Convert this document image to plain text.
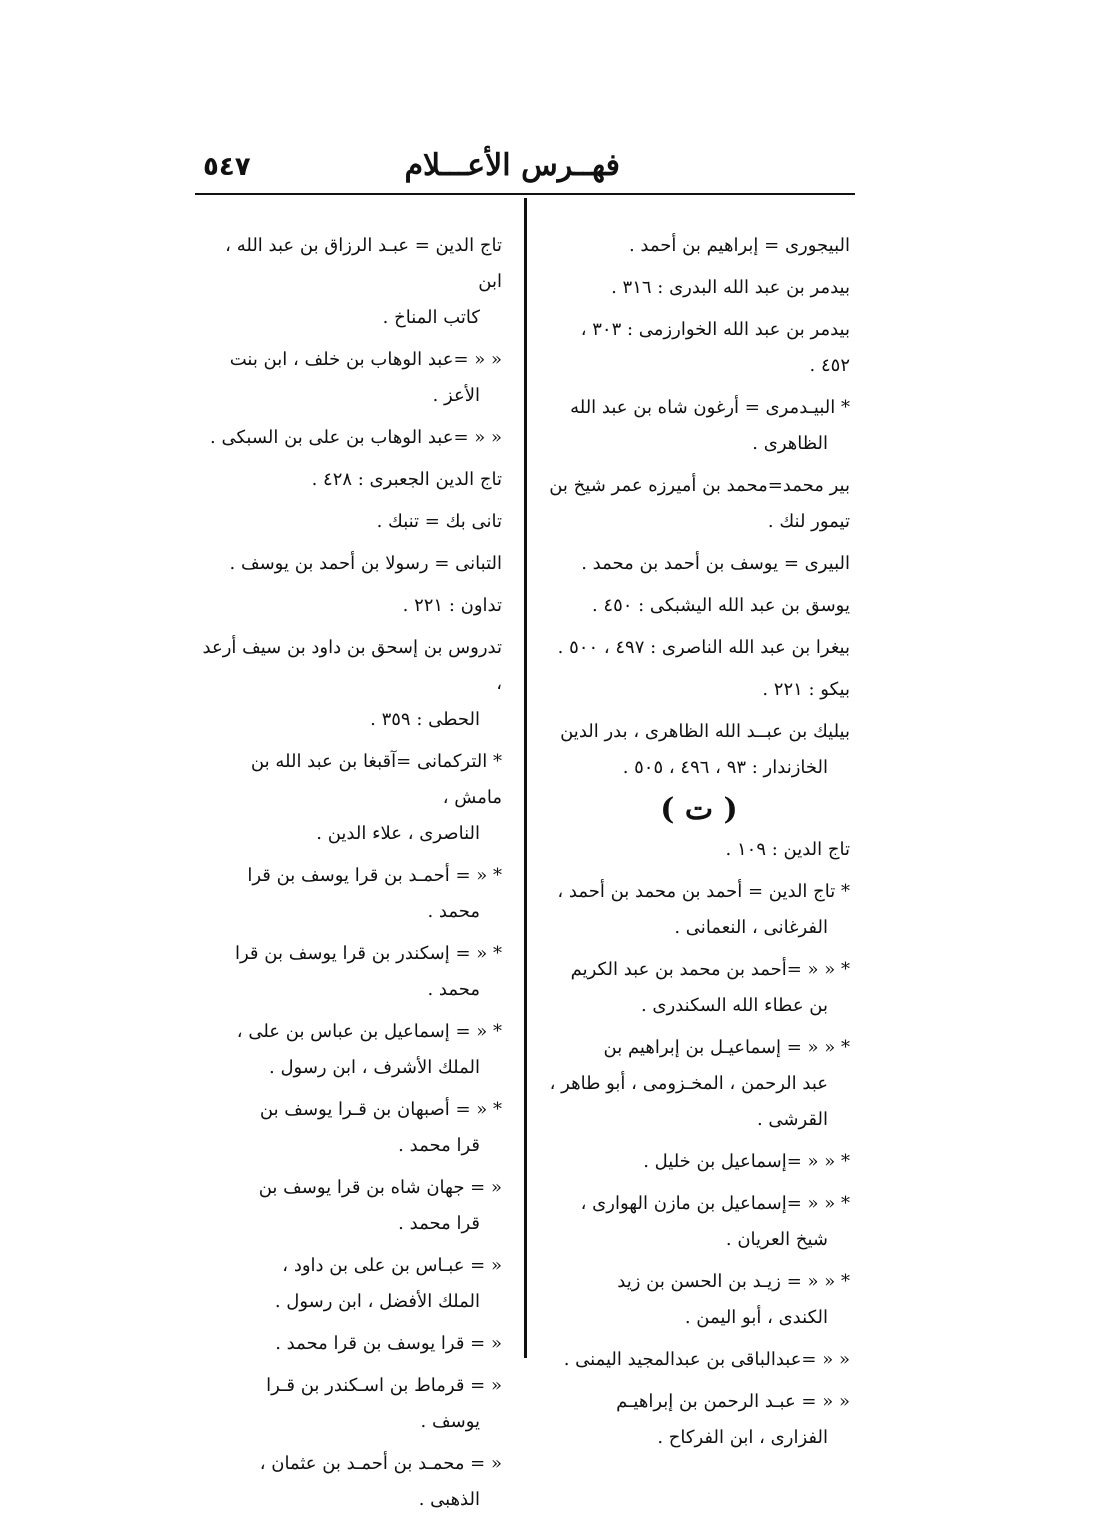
٥٤٧	فهــرس الأعـــلام
البيجورى = إبراهيم بن أحمد .
بيدمر بن عبد الله البدرى : ٣١٦ .
بيدمر بن عبد الله الخوارزمى : ٣٠٣ ، ٤٥٢ .
* البيـدمرى = أرغون شاه بن عبد الله
الظاهرى .
بير محمد=محمد بن أميرزه عمر شيخ بن تيمور لنك .
البيرى = يوسف بن أحمد بن محمد .
يوسق بن عبد الله اليشبكى : ٤٥٠ .
بيغرا بن عبد الله الناصرى : ٤٩٧ ، ٥٠٠ .
بيكو : ٢٢١ .
بيليك بن عبــد الله الظاهرى ، بدر الدين
الخازندار : ٩٣ ، ٤٩٦ ، ٥٠٥ .
( ت )
تاج الدين : ١٠٩ .
* تاج الدين = أحمد بن محمد بن أحمد ،
الفرغانى ، النعمانى .
* « « =أحمد بن محمد بن عبد الكريم
بن عطاء الله السكندرى .
* « « = إسماعيـل بن إبراهيم بن
عبد الرحمن ، المخـزومى ، أبو طاهر ، القرشى .
* « « =إسماعيل بن خليل .
* « « =إسماعيل بن مازن الهوارى ،
شيخ العريان .
* « « = زيـد بن الحسن بن زيد
الكندى ، أبو اليمن .
« « =عبدالباقى بن عبدالمجيد اليمنى .
« « = عبـد الرحمن بن إبراهيـم
الفزارى ، ابن الفركاح .
تاج الدين = عبـد الرزاق بن عبد الله ، ابن
كاتب المناخ .
« « =عبد الوهاب بن خلف ، ابن بنت
الأعز .
« « =عبد الوهاب بن على بن السبكى .
تاج الدين الجعبرى : ٤٢٨ .
تانى بك = تنبك .
التبانى = رسولا بن أحمد بن يوسف .
تداون : ٢٢١ .
تدروس بن إسحق بن داود بن سيف أرعد ،
الحطى : ٣٥٩ .
* التركمانى =آقبغا بن عبد الله بن مامش ،
الناصرى ، علاء الدين .
* « = أحمـد بن قرا يوسف بن قرا
محمد .
* « = إسكندر بن قرا يوسف بن قرا
محمد .
* « = إسماعيل بن عباس بن على ،
الملك الأشرف ، ابن رسول .
* « = أصبهان بن قـرا يوسف بن
قرا محمد .
« = جهان شاه بن قرا يوسف بن
قرا محمد .
« = عبـاس بن على بن داود ،
الملك الأفضل ، ابن رسول .
« = قرا يوسف بن قرا محمد .
« = قرماط بن اسـكندر بن قـرا
يوسف .
« = محمـد بن أحمـد بن عثمان ،
الذهبى .
